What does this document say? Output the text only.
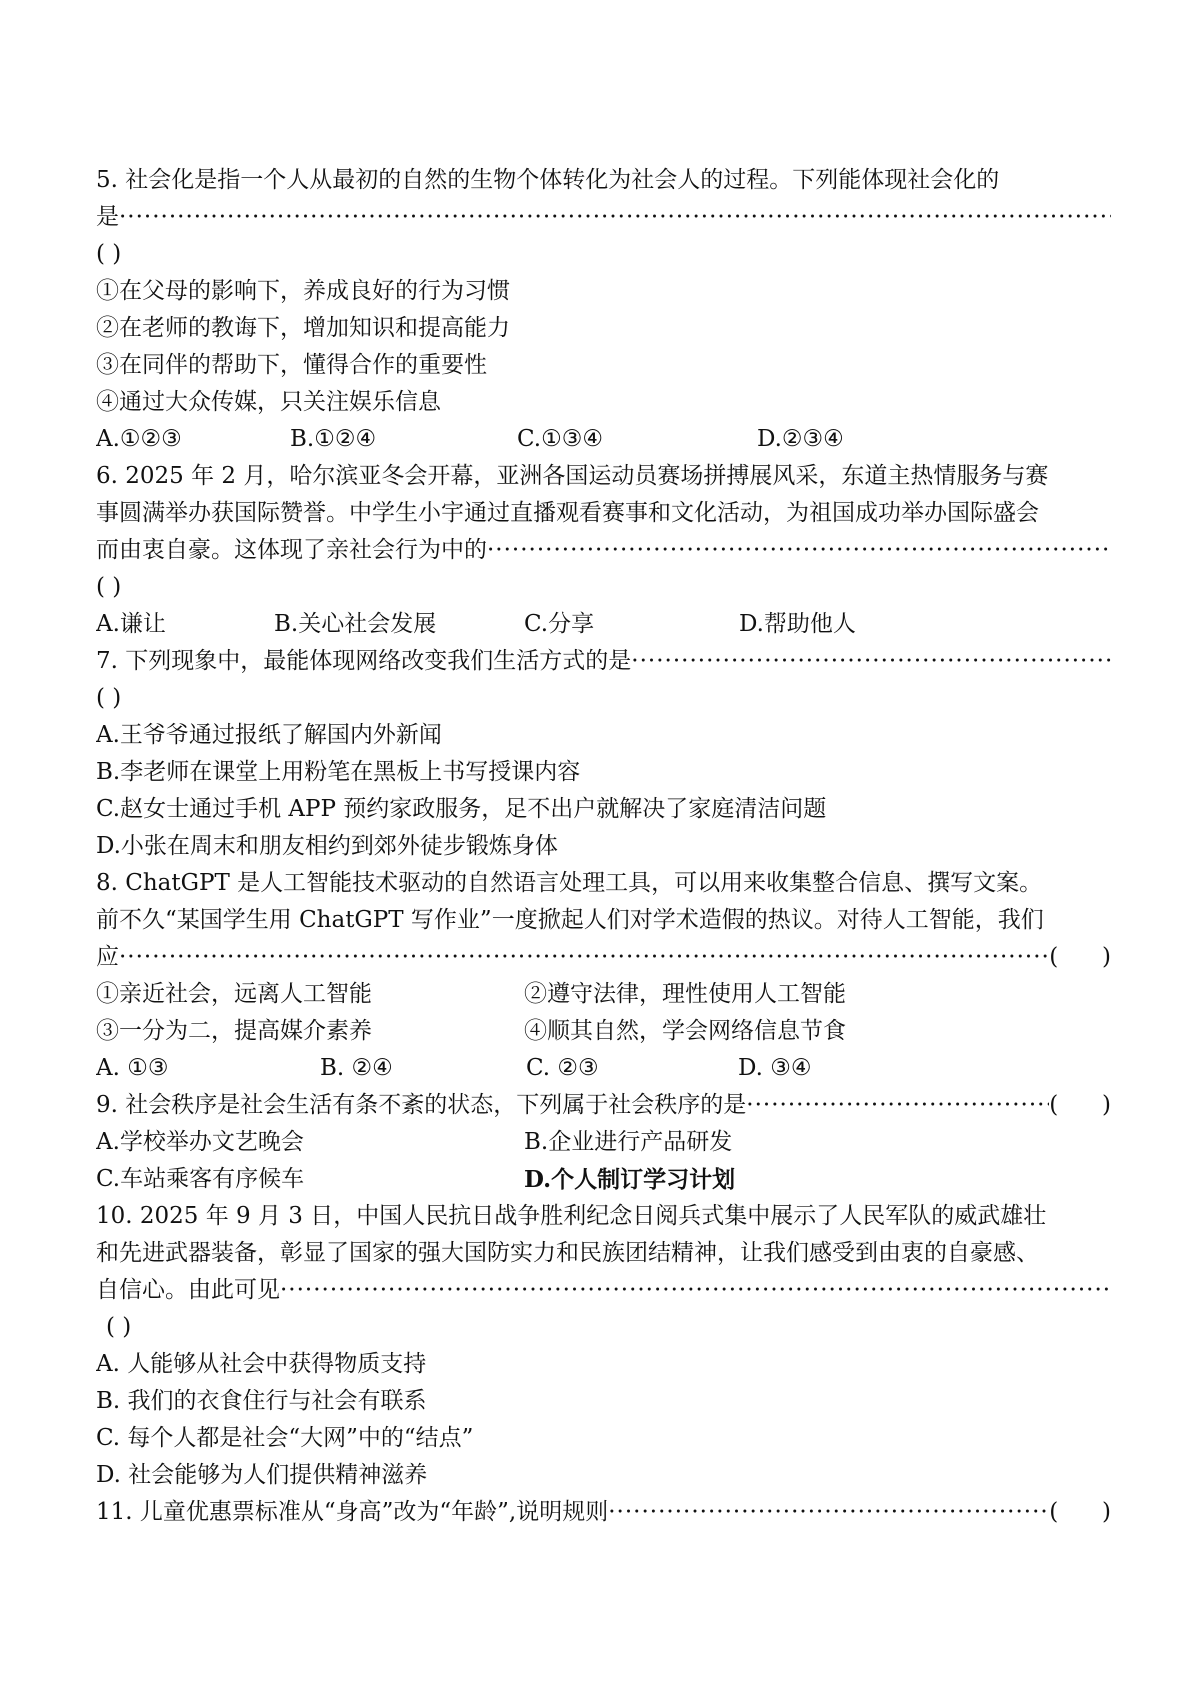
5. 社会化是指一个人从最初的自然的生物个体转化为社会人的过程。下列能体现社会化的
是
·····
( )
①在父母的影响下，养成良好的行为习惯
②在老师的教诲下，增加知识和提高能力
③在同伴的帮助下，懂得合作的重要性
④通过大众传媒，只关注娱乐信息
A.①②③	B.①②④	C.①③④	D.②③④
6. 2025 年 2 月，哈尔滨亚冬会开幕，亚洲各国运动员赛场拼搏展风采，东道主热情服务与赛
事圆满举办获国际赞誉。中学生小宇通过直播观看赛事和文化活动，为祖国成功举办国际盛会
而由衷自豪。这体现了亲社会行为中的
·····
( )
A.谦让	B.关心社会发展	C.分享	D.帮助他人
7. 下列现象中，最能体现网络改变我们生活方式的是
·····
( )
A.王爷爷通过报纸了解国内外新闻
B.李老师在课堂上用粉笔在黑板上书写授课内容
C.赵女士通过手机 APP 预约家政服务，足不出户就解决了家庭清洁问题
D.小张在周末和朋友相约到郊外徒步锻炼身体
8. ChatGPT 是人工智能技术驱动的自然语言处理工具，可以用来收集整合信息、撰写文案。
前不久“某国学生用 ChatGPT 写作业”一度掀起人们对学术造假的热议。对待人工智能，我们
应 ·····	(      )
①亲近社会，远离人工智能	②遵守法律，理性使用人工智能
③一分为二，提高媒介素养	④顺其自然，学会网络信息节食
A. ①③	B. ②④	C. ②③	D. ③④
9. 社会秩序是社会生活有条不紊的状态，下列属于社会秩序的是 ·····	(      )
A.学校举办文艺晚会	B.企业进行产品研发
C.车站乘客有序候车	D.个人制订学习计划
10. 2025 年 9 月 3 日，中国人民抗日战争胜利纪念日阅兵式集中展示了人民军队的威武雄壮
和先进武器装备，彰显了国家的强大国防实力和民族团结精神，让我们感受到由衷的自豪感、
自信心。由此可见
·····
( )
A. 人能够从社会中获得物质支持
B. 我们的衣食住行与社会有联系
C. 每个人都是社会“大网”中的“结点”
D. 社会能够为人们提供精神滋养
11. 儿童优惠票标准从“身高”改为“年龄”,说明规则 ·····	(      )
